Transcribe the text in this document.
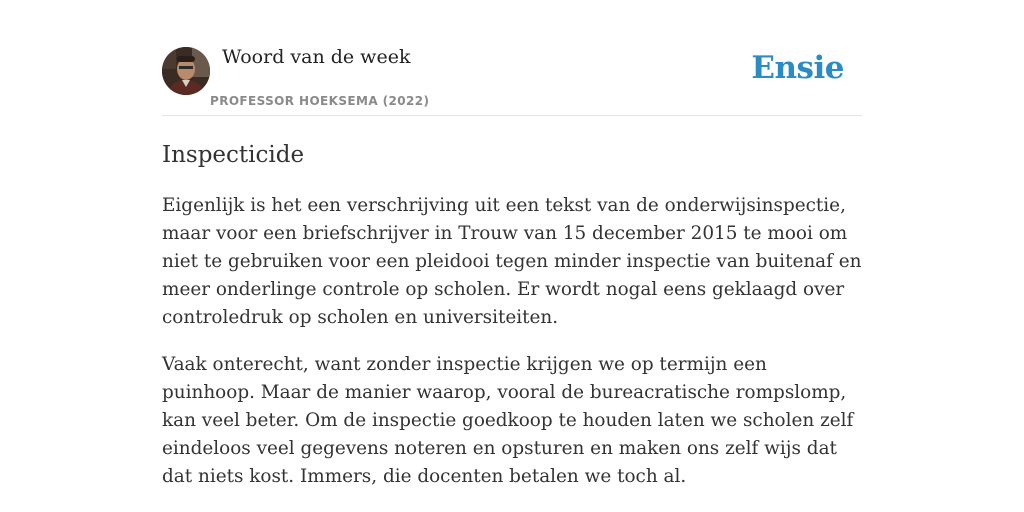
Woord van de week
PROFESSOR HOEKSEMA (2022)
Ensie
Inspecticide

Eigenlijk is het een verschrijving uit een tekst van de onderwijsinspectie, maar voor een briefschrijver in Trouw van 15 december 2015 te mooi om niet te gebruiken voor een pleidooi tegen minder inspectie van buitenaf en meer onderlinge controle op scholen. Er wordt nogal eens geklaagd over controledruk op scholen en universiteiten.

Vaak onterecht, want zonder inspectie krijgen we op termijn een puinhoop. Maar de manier waarop, vooral de bureacratische rompslomp, kan veel beter. Om de inspectie goedkoop te houden laten we scholen zelf eindeloos veel gegevens noteren en opsturen en maken ons zelf wijs dat dat niets kost. Immers, die docenten betalen we toch al.
